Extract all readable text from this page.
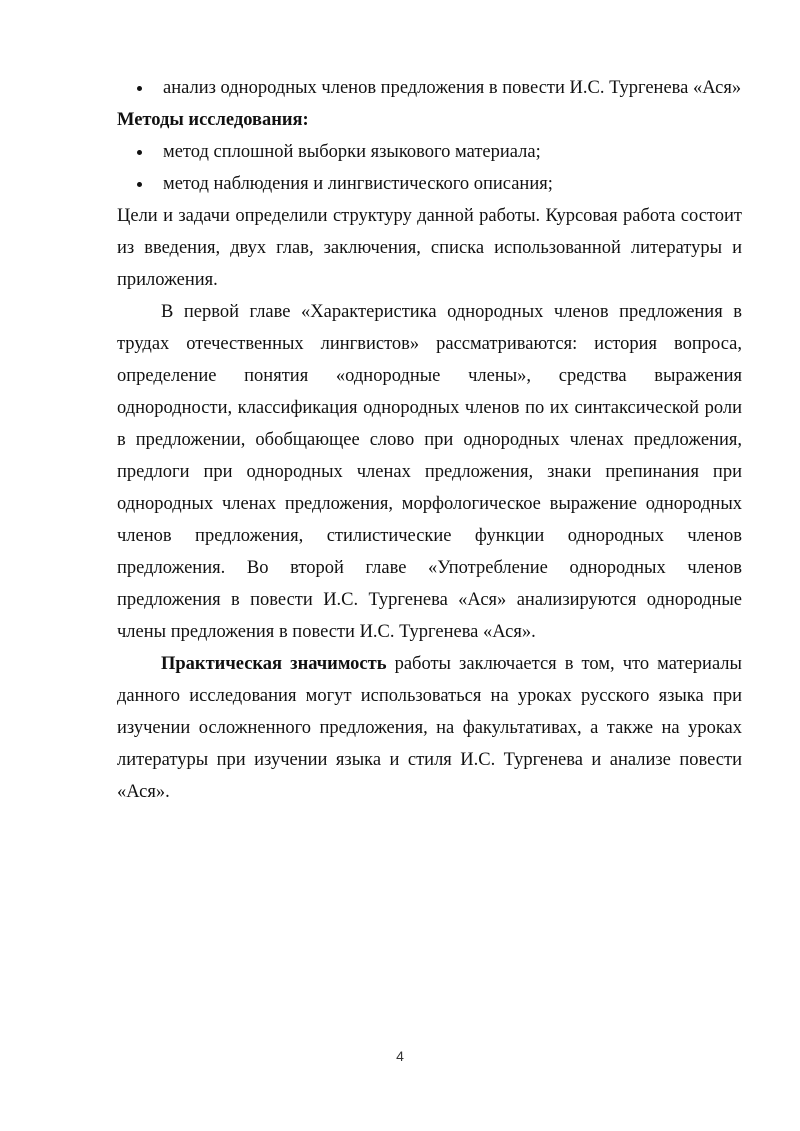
анализ однородных членов предложения в повести И.С. Тургенева «Ася»

Методы исследования:

метод сплошной выборки языкового материала;
метод наблюдения и лингвистического описания;

Цели и задачи определили структуру данной работы. Курсовая работа состоит из введения, двух глав, заключения, списка использованной литературы и приложения.

В первой главе «Характеристика однородных членов предложения в трудах отечественных лингвистов» рассматриваются: история вопроса, определение понятия «однородные члены», средства выражения однородности, классификация однородных членов по их синтаксической роли в предложении, обобщающее слово при однородных членах предложения, предлоги при однородных членах предложения, знаки препинания при однородных членах предложения, морфологическое выражение однородных членов предложения, стилистические функции однородных членов предложения. Во второй главе «Употребление однородных членов предложения в повести И.С. Тургенева «Ася» анализируются однородные члены предложения в повести И.С. Тургенева «Ася».

Практическая значимость работы заключается в том, что материалы данного исследования могут использоваться на уроках русского языка при изучении осложненного предложения, на факультативах, а также на уроках литературы при изучении языка и стиля И.С. Тургенева и анализе повести «Ася».

4
